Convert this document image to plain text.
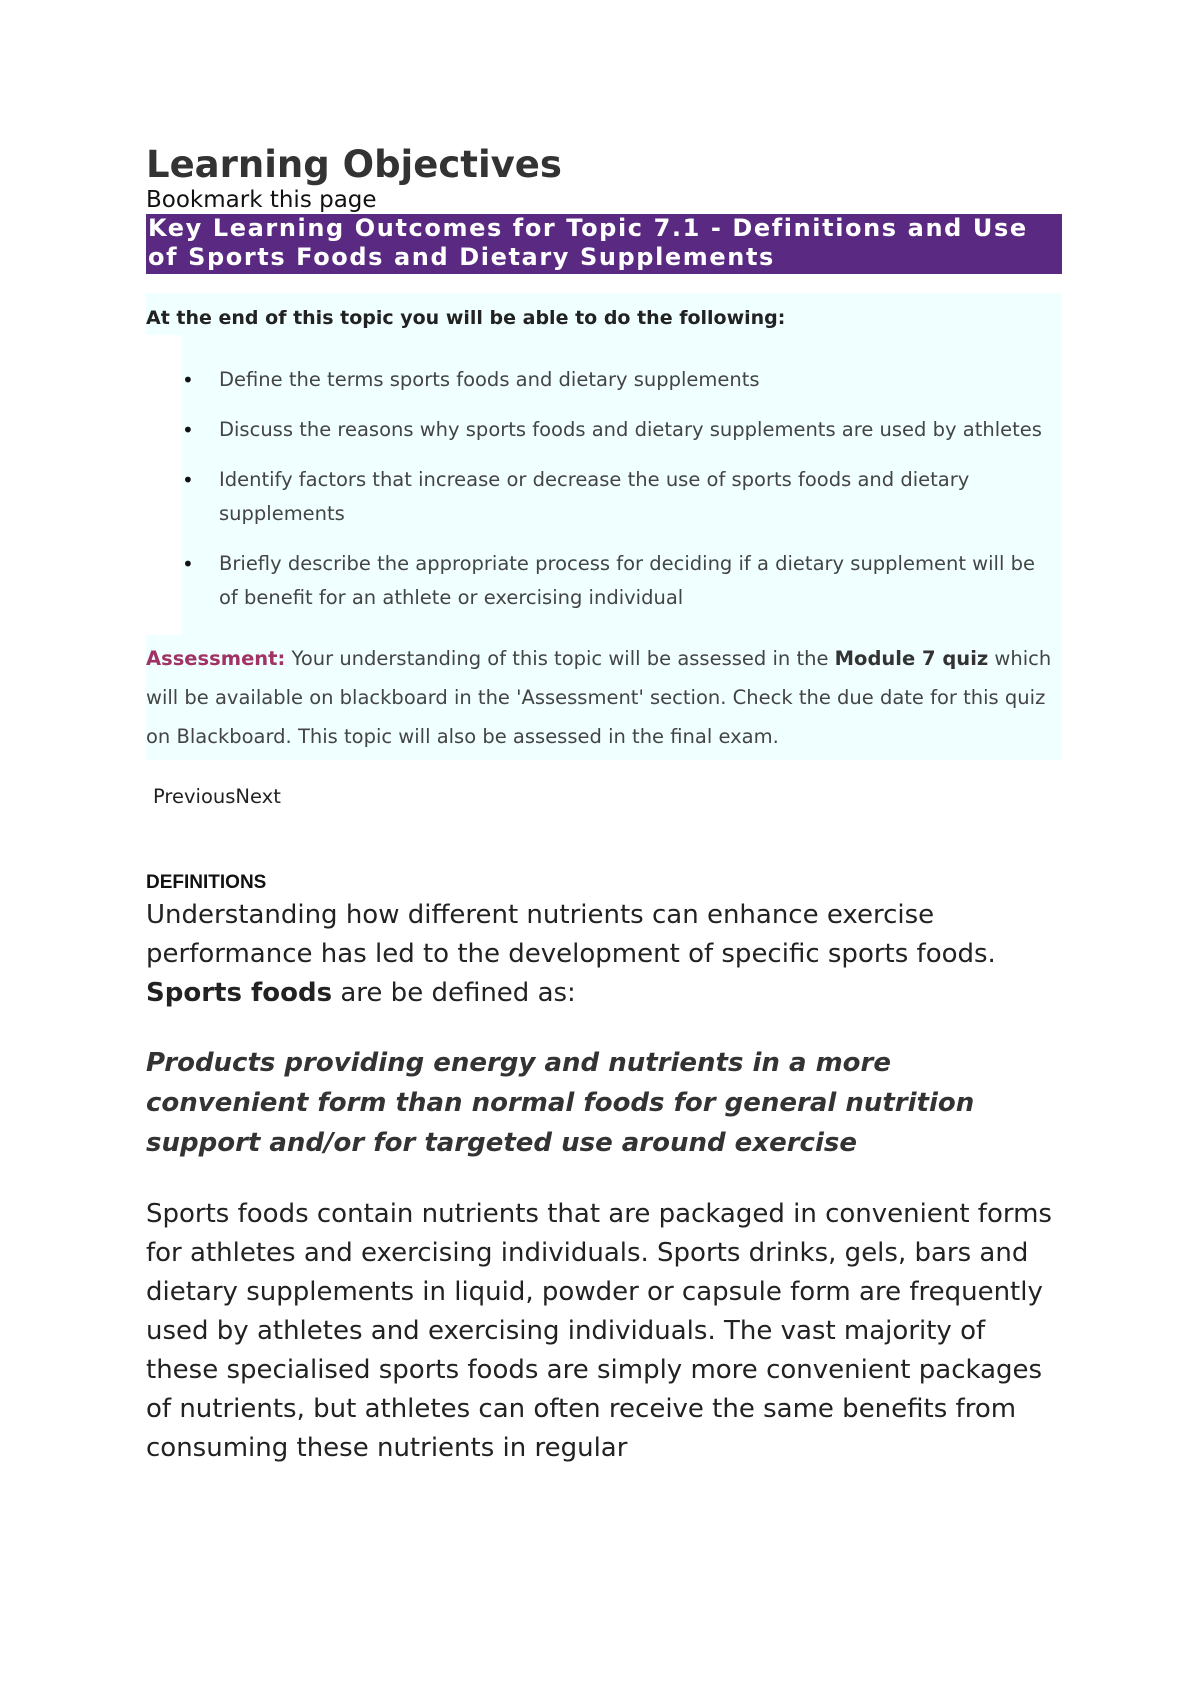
Learning Objectives
Bookmark this page
Key Learning Outcomes for Topic 7.1 - Definitions and Use
of Sports Foods and Dietary Supplements

At the end of this topic you will be able to do the following:

• Define the terms sports foods and dietary supplements
• Discuss the reasons why sports foods and dietary supplements are used by athletes
• Identify factors that increase or decrease the use of sports foods and dietary supplements
• Briefly describe the appropriate process for deciding if a dietary supplement will be of benefit for an athlete or exercising individual

Assessment: Your understanding of this topic will be assessed in the Module 7 quiz which will be available on blackboard in the 'Assessment' section. Check the due date for this quiz on Blackboard. This topic will also be assessed in the final exam.

PreviousNext
DEFINITIONS

Understanding how different nutrients can enhance exercise performance has led to the development of specific sports foods. Sports foods are be defined as:

Products providing energy and nutrients in a more convenient form than normal foods for general nutrition support and/or for targeted use around exercise

Sports foods contain nutrients that are packaged in convenient forms for athletes and exercising individuals. Sports drinks, gels, bars and dietary supplements in liquid, powder or capsule form are frequently used by athletes and exercising individuals. The vast majority of these specialised sports foods are simply more convenient packages of nutrients, but athletes can often receive the same benefits from consuming these nutrients in regular
